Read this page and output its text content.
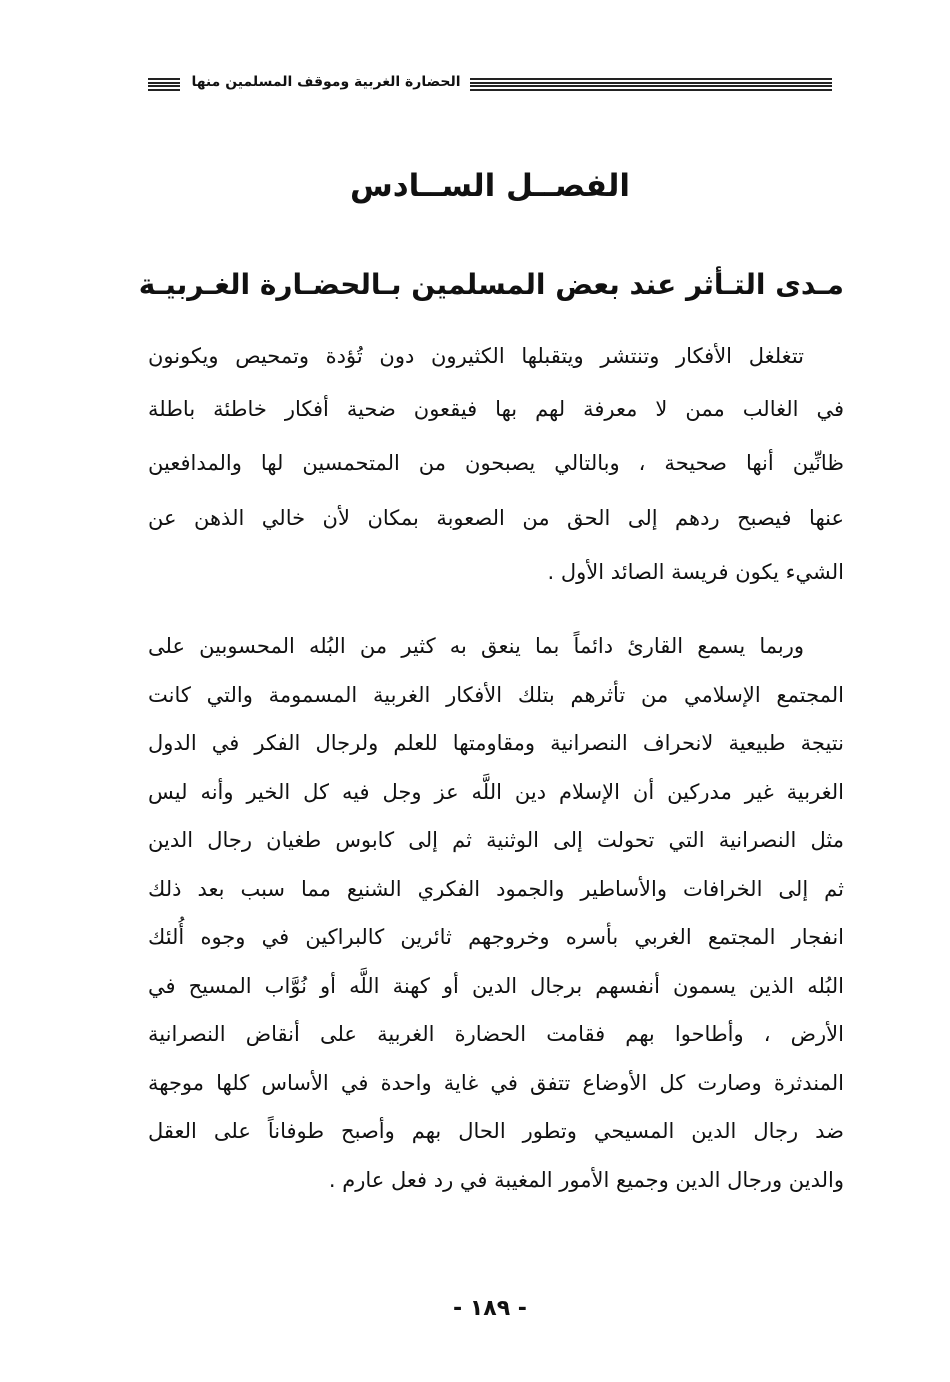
الحضارة الغربية وموقف المسلمين منها
الفصــل الســادس
مـدى التـأثر عند بعض المسلمين بـالحضـارة الغـربيـة
تتغلغل الأفكار وتنتشر ويتقبلها الكثيرون دون تُؤدة وتمحيص ويكونون
في الغالب ممن لا معرفة لهم بها فيقعون ضحية أفكار خاطئة باطلة
ظانِّين أنها صحيحة ، وبالتالي يصبحون من المتحمسين لها والمدافعين
عنها فيصبح ردهم إلى الحق من الصعوبة بمكان لأن خالي الذهن عن
الشيء يكون فريسة الصائد الأول .
وربما يسمع القارئ دائماً بما ينعق به كثير من البُله المحسوبين على
المجتمع الإسلامي من تأثرهم بتلك الأفكار الغربية المسمومة والتي كانت
نتيجة طبيعية لانحراف النصرانية ومقاومتها للعلم ولرجال الفكر في الدول
الغربية غير مدركين أن الإسلام دين اللَّه عز وجل فيه كل الخير وأنه ليس
مثل النصرانية التي تحولت إلى الوثنية ثم إلى كابوس طغيان رجال الدين
ثم إلى الخرافات والأساطير والجمود الفكري الشنيع مما سبب بعد ذلك
انفجار المجتمع الغربي بأسره وخروجهم ثائرين كالبراكين في وجوه أُلئك
البُله الذين يسمون أنفسهم برجال الدين أو كهنة اللَّه أو نُوَّاب المسيح في
الأرض ، وأطاحوا بهم فقامت الحضارة الغربية على أنقاض النصرانية
المندثرة وصارت كل الأوضاع تتفق في غاية واحدة في الأساس كلها موجهة
ضد رجال الدين المسيحي وتطور الحال بهم وأصبح طوفاناً على العقل
والدين ورجال الدين وجميع الأمور المغيبة في رد فعل عارم .
- ١٨٩ -
